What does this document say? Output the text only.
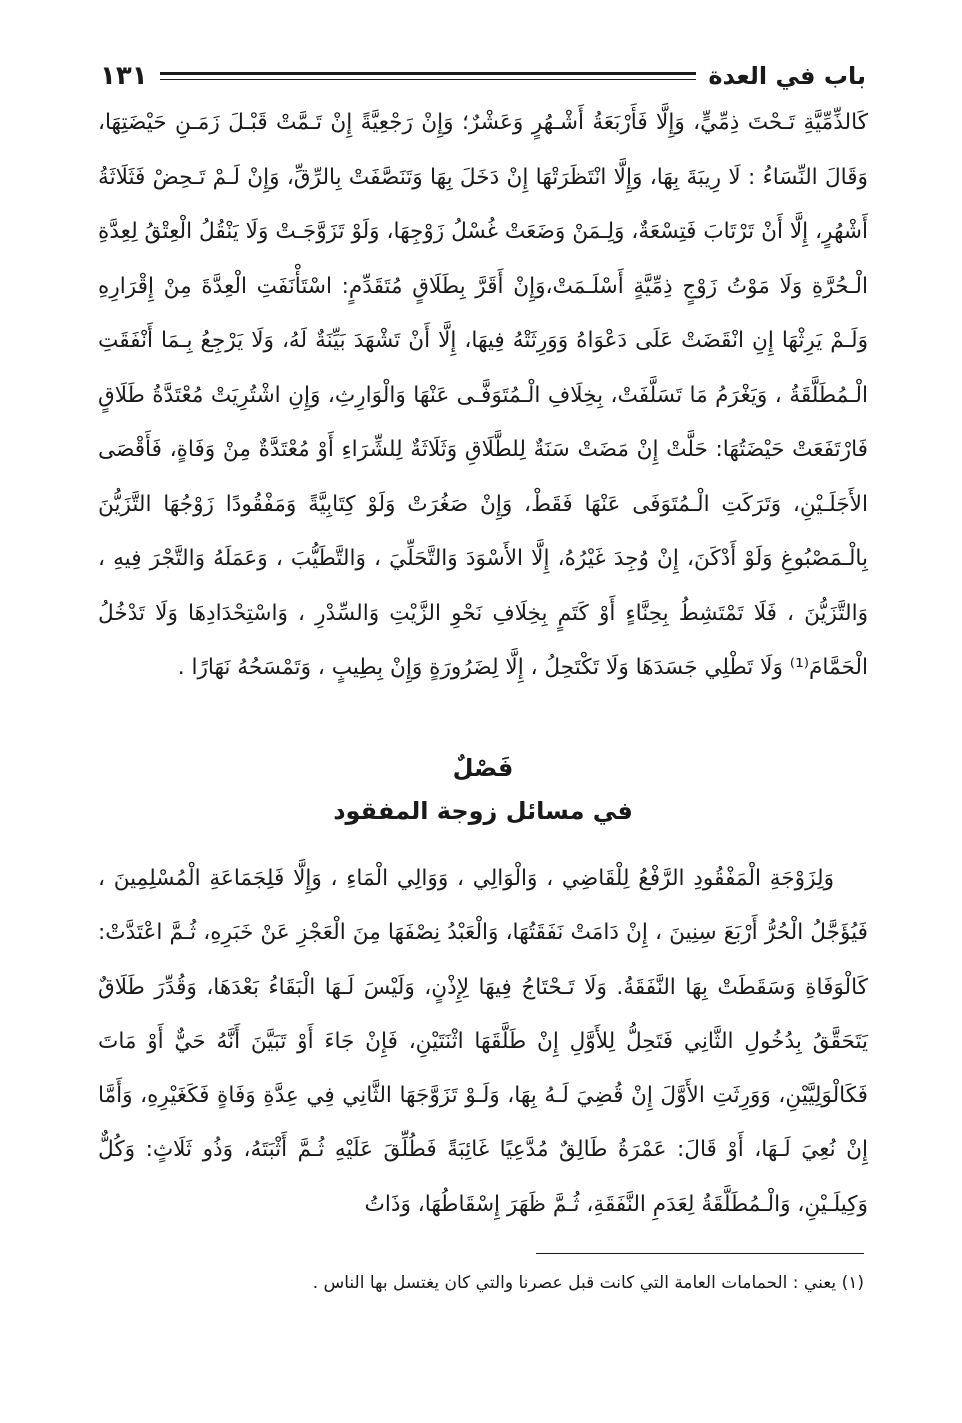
باب في العدة
١٣١

كَالذِّمِّيَّةِ تَـحْتَ ذِمِّيٍّ، وَإِلَّا فَأَرْبَعَةُ أَشْـهُرٍ وَعَشْرٌ؛ وَإِنْ رَجْعِيَّةً إِنْ تَـمَّتْ قَبْـلَ زَمَـنِ حَيْضَتِهَا، وَقَالَ النِّسَاءُ : لَا رِيبَةَ بِهَا، وَإِلَّا انْتَظَرَتْهَا إِنْ دَخَلَ بِهَا وَتَنَصَّفَتْ بِالرِّقِّ، وَإِنْ لَـمْ تَـحِضْ فَثَلَاثَةُ أَشْهُرٍ، إِلَّا أَنْ تَرْتَابَ فَتِسْعَةٌ، وَلِـمَنْ وَضَعَتْ غُسْلُ زَوْجِهَا، وَلَوْ تَزَوَّجَـتْ وَلَا يَنْقُلُ الْعِتْقُ لِعِدَّةِ الْـحُرَّةِ وَلَا مَوْتُ زَوْجٍ ذِمِّيَّةٍ أَسْلَـمَتْ،وَإِنْ أَقَرَّ بِطَلَاقٍ مُتَقَدِّمٍ: اسْتَأْنَفَتِ الْعِدَّةَ مِنْ إِقْرَارِهِ وَلَـمْ يَرِثْهَا إِنِ انْقَضَتْ عَلَى دَعْوَاهُ وَوَرِثَتْهُ فِيهَا، إِلَّا أَنْ تَشْهَدَ بَيِّنَةٌ لَهُ، وَلَا يَرْجِعُ بِـمَا أَنْفَقَتِ الْـمُطَلَّقَةُ ، وَيَغْرَمُ مَا تَسَلَّفَتْ، بِخِلَافِ الْـمُتَوَفَّـى عَنْهَا وَالْوَارِثِ، وَإِنِ اشْتُرِيَتْ مُعْتَدَّةُ طَلَاقٍ فَارْتَفَعَتْ حَيْضَتُهَا: حَلَّتْ إِنْ مَضَتْ سَنَةٌ لِلطَّلَاقِ وَثَلَاثَةٌ لِلشِّرَاءِ أَوْ مُعْتَدَّةٌ مِنْ وَفَاةٍ، فَأَقْصَى الأَجَلَـيْنِ، وَتَرَكَتِ الْـمُتَوَفَى عَنْهَا فَقَطْ، وَإِنْ صَغُرَتْ وَلَوْ كِتَابِيَّةً وَمَفْقُودًا زَوْجُهَا التَّزَيُّنَ بِالْـمَصْبُوغِ وَلَوْ أَدْكَنَ، إِنْ وُجِدَ غَيْرُهُ، إِلَّا الأَسْوَدَ وَالتَّحَلِّيَ ، وَالتَّطَيُّبَ ، وَعَمَلَهُ وَالتَّجْرَ فِيهِ ، وَالتَّزَيُّنَ ، فَلَا تَمْتَشِطُ بِحِنَّاءٍ أَوْ كَتَمٍ بِخِلَافِ نَحْوِ الزَّيْتِ وَالسِّدْرِ ، وَاسْتِحْدَادِهَا وَلَا تَدْخُلُ الْحَمَّامَ⁽¹⁾ وَلَا تَطْلِي جَسَدَهَا وَلَا تَكْتَحِلُ ، إِلَّا لِضَرُورَةٍ وَإِنْ بِطِيبٍ ، وَتَمْسَحُهُ نَهَارًا .

فَصْلٌ
في مسائل زوجة المفقود

وَلِزَوْجَةِ الْمَفْقُودِ الرَّفْعُ لِلْقَاضِي ، وَالْوَالِي ، وَوَالِي الْمَاءِ ، وَإِلَّا فَلِجَمَاعَةِ الْمُسْلِمِينَ ، فَيُؤَجَّلُ الْحُرُّ أَرْبَعَ سِنِينَ ، إِنْ دَامَتْ نَفَقَتُهَا، وَالْعَبْدُ نِصْفَهَا مِنَ الْعَجْزِ عَنْ خَبَرِهِ، ثُـمَّ اعْتَدَّتْ: كَالْوَفَاةِ وَسَقَطَتْ بِهَا النَّفَقَةُ. وَلَا تَـحْتَاجُ فِيهَا لِإِذْنٍ، وَلَيْسَ لَـهَا الْبَقَاءُ بَعْدَهَا، وَقُدِّرَ طَلَاقٌ يَتَحَقَّقُ بِدُخُولِ الثَّانِي فَتَحِلُّ لِلأَوَّلِ إِنْ طَلَّقَهَا اثْنَتَيْنِ، فَإِنْ جَاءَ أَوْ تَبَيَّنَ أَنَّهُ حَيٌّ أَوْ مَاتَ فَكَالْوَلِيَّيْنِ، وَوَرِثَتِ الأَوَّلَ إِنْ قُضِيَ لَـهُ بِهَا، وَلَـوْ تَزَوَّجَهَا الثَّانِي فِي عِدَّةِ وَفَاةٍ فَكَغَيْرِهِ، وَأَمَّا إِنْ نُعِيَ لَـهَا، أَوْ قَالَ: عَمْرَةُ طَالِقٌ مُدَّعِيًا غَائِبَةً فَطُلِّقَ عَلَيْهِ ثُـمَّ أَثْبَتَهُ، وَذُو ثَلَاثٍ: وَكُلٌّ وَكِيلَـيْنِ، وَالْـمُطَلَّقَةُ لِعَدَمِ النَّفَقَةِ، ثُـمَّ ظَهَرَ إِسْقَاطُهَا، وَذَاتُ

(١) يعني : الحمامات العامة التي كانت قبل عصرنا والتي كان يغتسل بها الناس .
